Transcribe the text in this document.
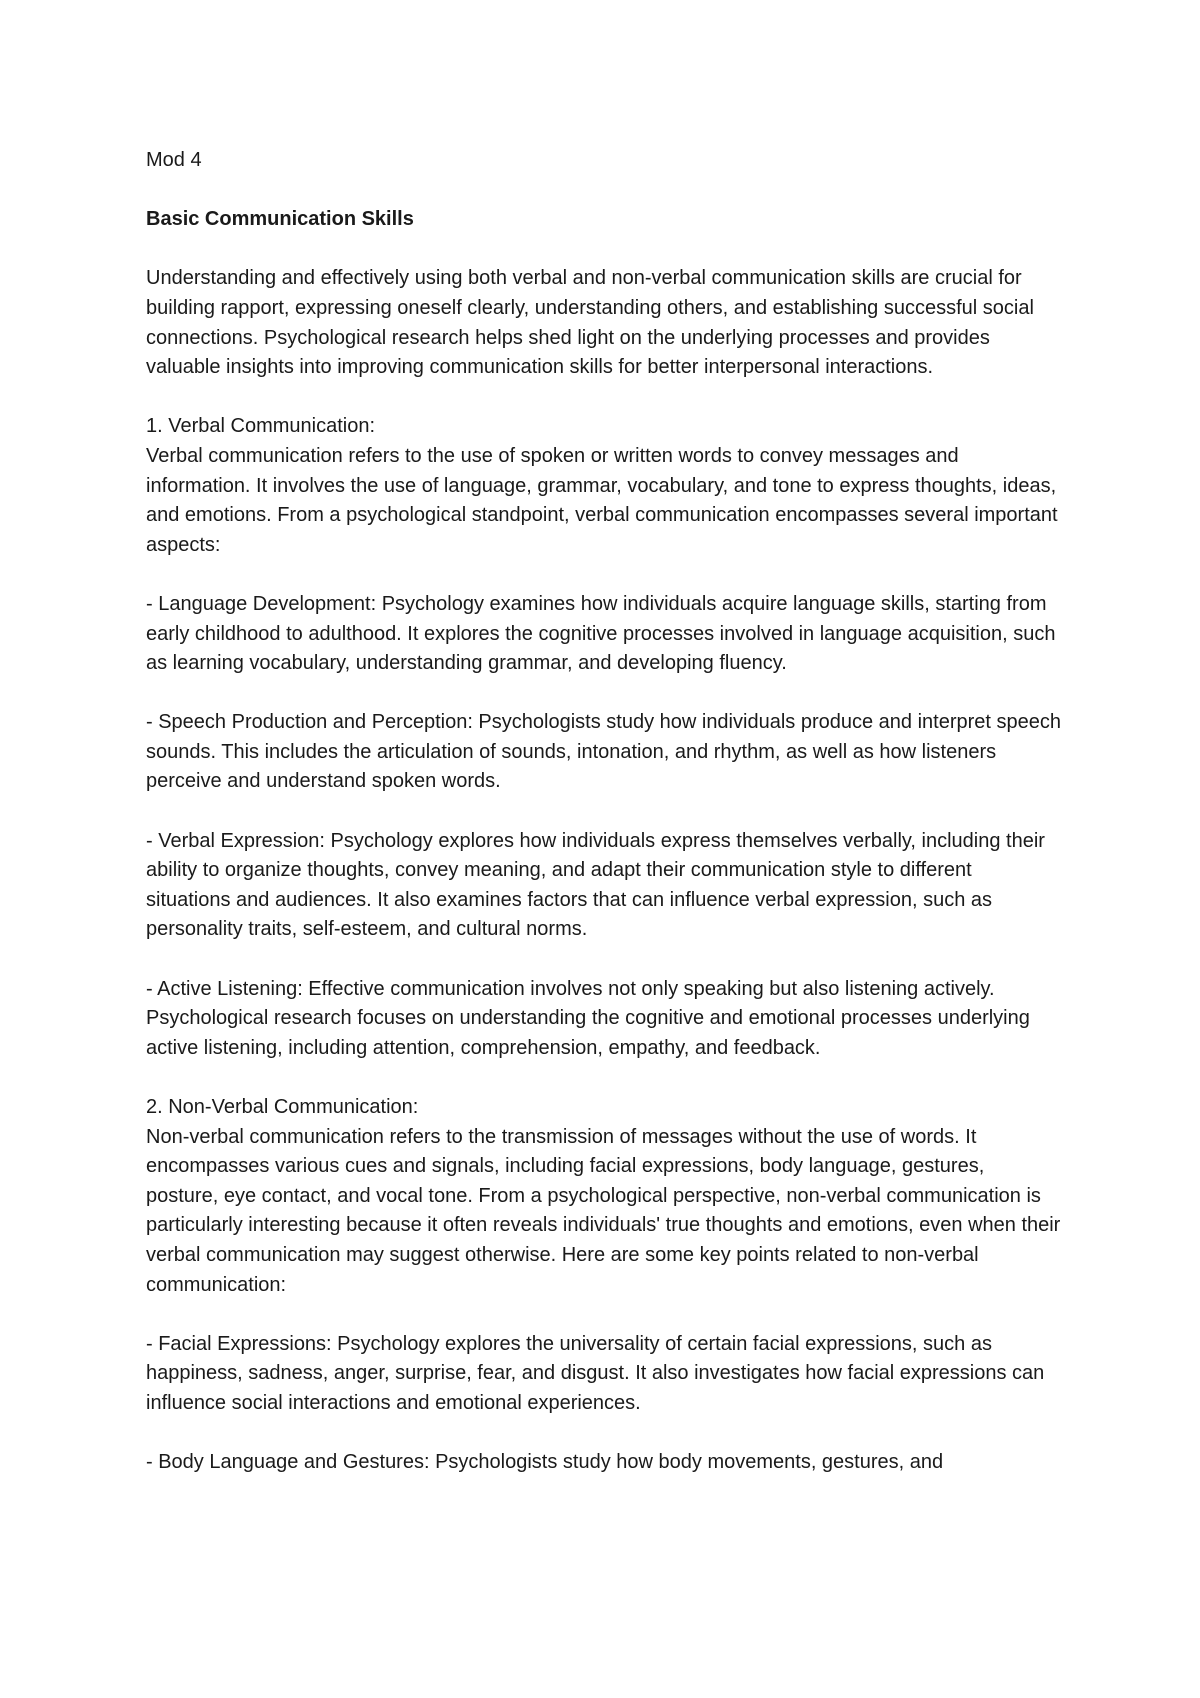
Mod 4

Basic Communication Skills

Understanding and effectively using both verbal and non-verbal communication skills are crucial for building rapport, expressing oneself clearly, understanding others, and establishing successful social connections. Psychological research helps shed light on the underlying processes and provides valuable insights into improving communication skills for better interpersonal interactions.

1. Verbal Communication:

Verbal communication refers to the use of spoken or written words to convey messages and information. It involves the use of language, grammar, vocabulary, and tone to express thoughts, ideas, and emotions. From a psychological standpoint, verbal communication encompasses several important aspects:

- Language Development: Psychology examines how individuals acquire language skills, starting from early childhood to adulthood. It explores the cognitive processes involved in language acquisition, such as learning vocabulary, understanding grammar, and developing fluency.

- Speech Production and Perception: Psychologists study how individuals produce and interpret speech sounds. This includes the articulation of sounds, intonation, and rhythm, as well as how listeners perceive and understand spoken words.

- Verbal Expression: Psychology explores how individuals express themselves verbally, including their ability to organize thoughts, convey meaning, and adapt their communication style to different situations and audiences. It also examines factors that can influence verbal expression, such as personality traits, self-esteem, and cultural norms.

- Active Listening: Effective communication involves not only speaking but also listening actively. Psychological research focuses on understanding the cognitive and emotional processes underlying active listening, including attention, comprehension, empathy, and feedback.

2. Non-Verbal Communication:

Non-verbal communication refers to the transmission of messages without the use of words. It encompasses various cues and signals, including facial expressions, body language, gestures, posture, eye contact, and vocal tone. From a psychological perspective, non-verbal communication is particularly interesting because it often reveals individuals' true thoughts and emotions, even when their verbal communication may suggest otherwise. Here are some key points related to non-verbal communication:

- Facial Expressions: Psychology explores the universality of certain facial expressions, such as happiness, sadness, anger, surprise, fear, and disgust. It also investigates how facial expressions can influence social interactions and emotional experiences.

- Body Language and Gestures: Psychologists study how body movements, gestures, and
